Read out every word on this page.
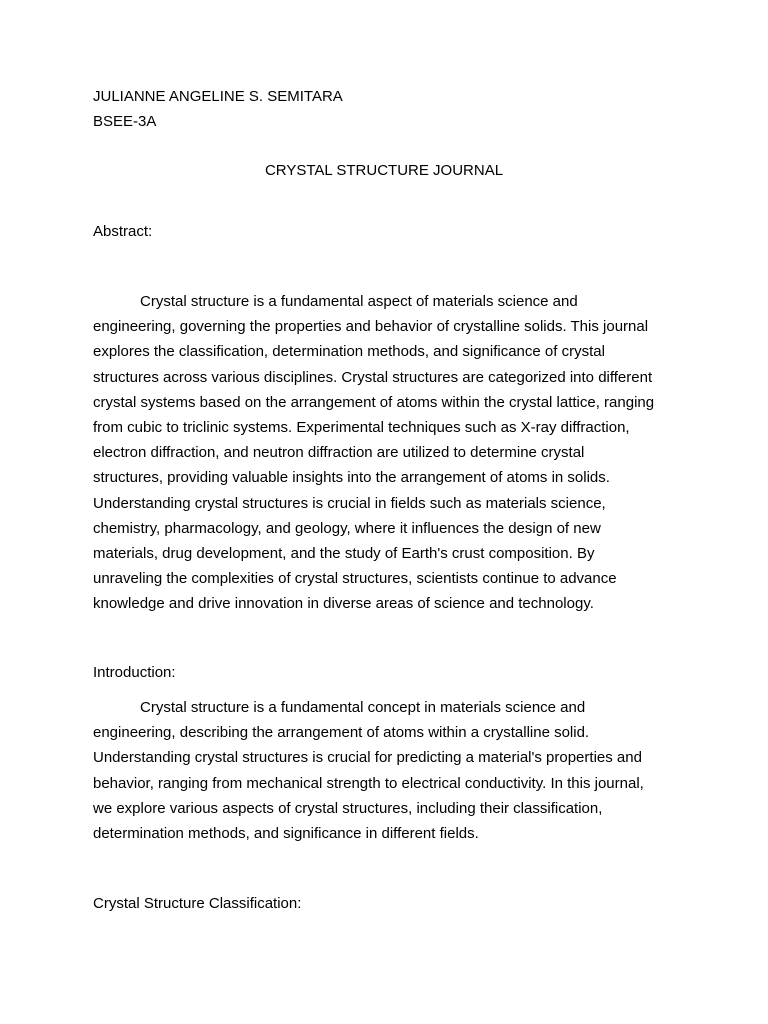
JULIANNE ANGELINE S. SEMITARA
BSEE-3A
CRYSTAL STRUCTURE JOURNAL
Abstract:
Crystal structure is a fundamental aspect of materials science and
engineering, governing the properties and behavior of crystalline solids. This journal
explores the classification, determination methods, and significance of crystal
structures across various disciplines. Crystal structures are categorized into different
crystal systems based on the arrangement of atoms within the crystal lattice, ranging
from cubic to triclinic systems. Experimental techniques such as X-ray diffraction,
electron diffraction, and neutron diffraction are utilized to determine crystal
structures, providing valuable insights into the arrangement of atoms in solids.
Understanding crystal structures is crucial in fields such as materials science,
chemistry, pharmacology, and geology, where it influences the design of new
materials, drug development, and the study of Earth's crust composition. By
unraveling the complexities of crystal structures, scientists continue to advance
knowledge and drive innovation in diverse areas of science and technology.
Introduction:
Crystal structure is a fundamental concept in materials science and
engineering, describing the arrangement of atoms within a crystalline solid.
Understanding crystal structures is crucial for predicting a material's properties and
behavior, ranging from mechanical strength to electrical conductivity. In this journal,
we explore various aspects of crystal structures, including their classification,
determination methods, and significance in different fields.
Crystal Structure Classification:
